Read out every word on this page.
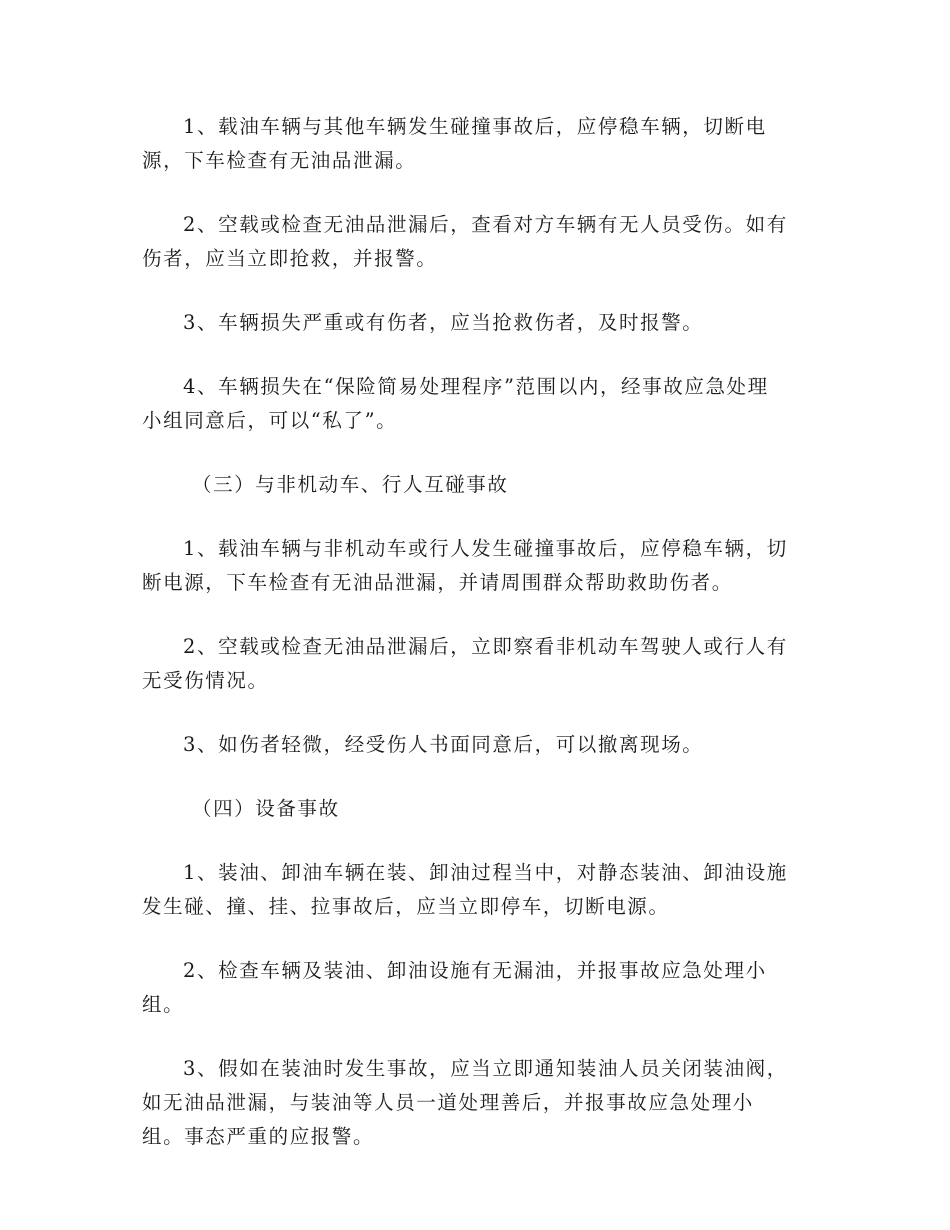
1、载油车辆与其他车辆发生碰撞事故后，应停稳车辆，切断电
源，下车检查有无油品泄漏。
2、空载或检查无油品泄漏后，查看对方车辆有无人员受伤。如有
伤者，应当立即抢救，并报警。
3、车辆损失严重或有伤者，应当抢救伤者，及时报警。
4、车辆损失在“保险简易处理程序”范围以内，经事故应急处理
小组同意后，可以“私了”。
（三）与非机动车、行人互碰事故
1、载油车辆与非机动车或行人发生碰撞事故后，应停稳车辆，切
断电源，下车检查有无油品泄漏，并请周围群众帮助救助伤者。
2、空载或检查无油品泄漏后，立即察看非机动车驾驶人或行人有
无受伤情况。
3、如伤者轻微，经受伤人书面同意后，可以撤离现场。
（四）设备事故
1、装油、卸油车辆在装、卸油过程当中，对静态装油、卸油设施
发生碰、撞、挂、拉事故后，应当立即停车，切断电源。
2、检查车辆及装油、卸油设施有无漏油，并报事故应急处理小
组。
3、假如在装油时发生事故，应当立即通知装油人员关闭装油阀，
如无油品泄漏，与装油等人员一道处理善后，并报事故应急处理小
组。事态严重的应报警。
